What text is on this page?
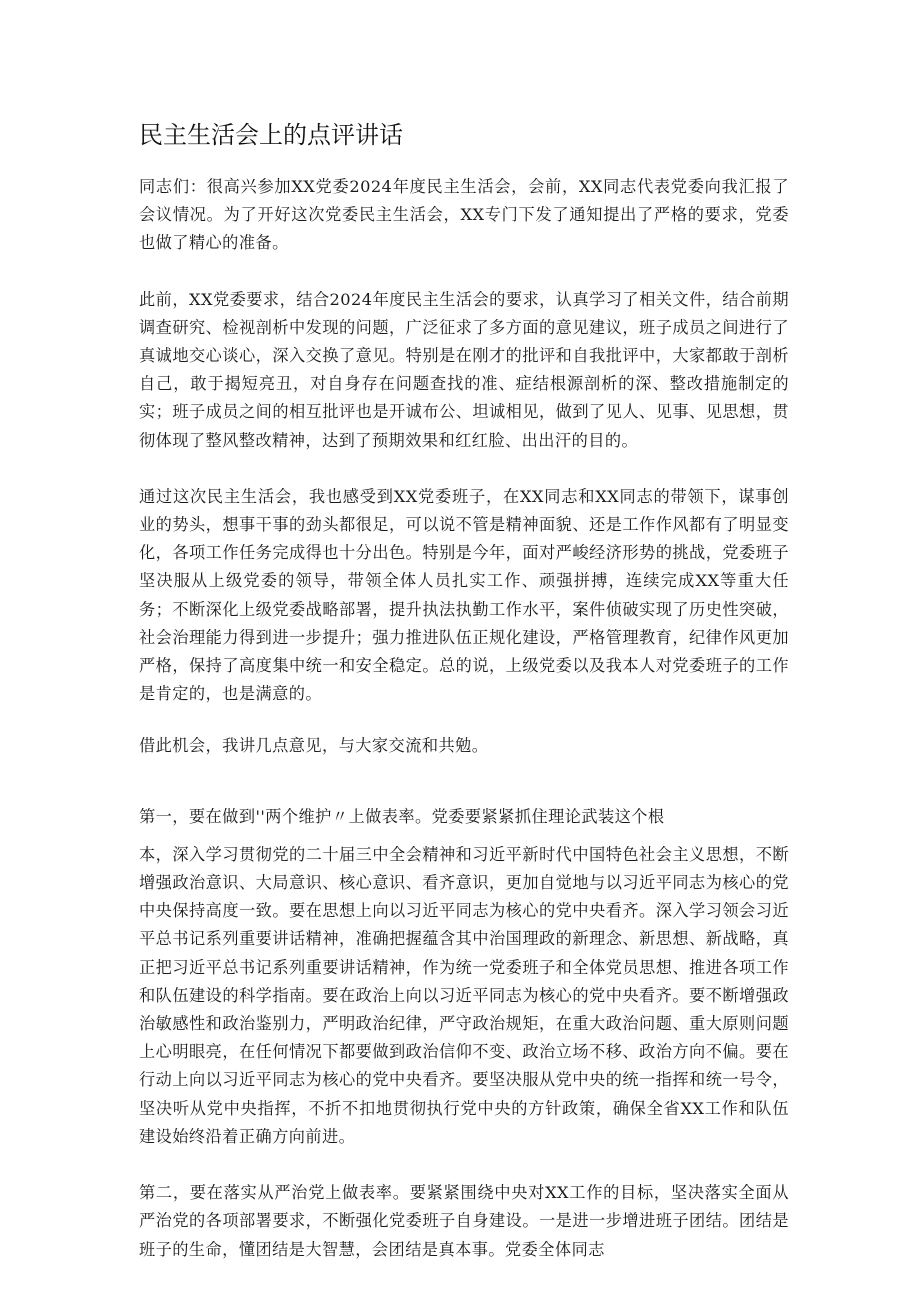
民主生活会上的点评讲话

同志们：很高兴参加XX党委2024年度民主生活会，会前，XX同志代表党委向我汇报了会议情况。为了开好这次党委民主生活会，XX专门下发了通知提出了严格的要求，党委也做了精心的准备。

此前，XX党委要求，结合2024年度民主生活会的要求，认真学习了相关文件，结合前期调查研究、检视剖析中发现的问题，广泛征求了多方面的意见建议，班子成员之间进行了真诚地交心谈心，深入交换了意见。特别是在刚才的批评和自我批评中，大家都敢于剖析自己，敢于揭短亮丑，对自身存在问题查找的准、症结根源剖析的深、整改措施制定的实；班子成员之间的相互批评也是开诚布公、坦诚相见，做到了见人、见事、见思想，贯彻体现了整风整改精神，达到了预期效果和红红脸、出出汗的目的。

通过这次民主生活会，我也感受到XX党委班子，在XX同志和XX同志的带领下，谋事创业的势头，想事干事的劲头都很足，可以说不管是精神面貌、还是工作作风都有了明显变化，各项工作任务完成得也十分出色。特别是今年，面对严峻经济形势的挑战，党委班子坚决服从上级党委的领导，带领全体人员扎实工作、顽强拼搏，连续完成XX等重大任务；不断深化上级党委战略部署，提升执法执勤工作水平，案件侦破实现了历史性突破，社会治理能力得到进一步提升；强力推进队伍正规化建设，严格管理教育，纪律作风更加严格，保持了高度集中统一和安全稳定。总的说，上级党委以及我本人对党委班子的工作是肯定的，也是满意的。

借此机会，我讲几点意见，与大家交流和共勉。

第一，要在做到''两个维护〃上做表率。党委要紧紧抓住理论武装这个根

本，深入学习贯彻党的二十届三中全会精神和习近平新时代中国特色社会主义思想，不断增强政治意识、大局意识、核心意识、看齐意识，更加自觉地与以习近平同志为核心的党中央保持高度一致。要在思想上向以习近平同志为核心的党中央看齐。深入学习领会习近平总书记系列重要讲话精神，准确把握蕴含其中治国理政的新理念、新思想、新战略，真正把习近平总书记系列重要讲话精神，作为统一党委班子和全体党员思想、推进各项工作和队伍建设的科学指南。要在政治上向以习近平同志为核心的党中央看齐。要不断增强政治敏感性和政治鉴别力，严明政治纪律，严守政治规矩，在重大政治问题、重大原则问题上心明眼亮，在任何情况下都要做到政治信仰不变、政治立场不移、政治方向不偏。要在行动上向以习近平同志为核心的党中央看齐。要坚决服从党中央的统一指挥和统一号令，坚决听从党中央指挥，不折不扣地贯彻执行党中央的方针政策，确保全省XX工作和队伍建设始终沿着正确方向前进。

第二，要在落实从严治党上做表率。要紧紧围绕中央对XX工作的目标，坚决落实全面从严治党的各项部署要求，不断强化党委班子自身建设。一是进一步增进班子团结。团结是班子的生命，懂团结是大智慧，会团结是真本事。党委全体同志
